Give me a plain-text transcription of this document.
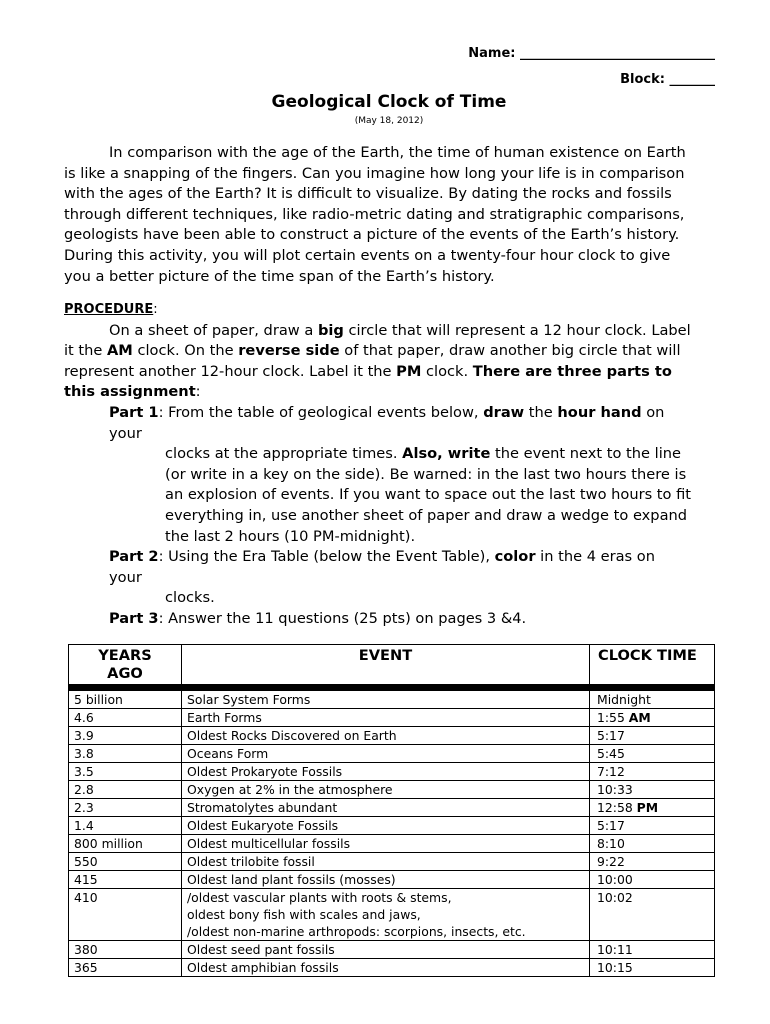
Name: ______________________________
Block: _______
Geological Clock of Time
(May 18, 2012)
In comparison with the age of the Earth, the time of human existence on Earth
is like a snapping of the fingers. Can you imagine how long your life is in comparison
with the ages of the Earth? It is difficult to visualize. By dating the rocks and fossils
through different techniques, like radio-metric dating and stratigraphic comparisons,
geologists have been able to construct a picture of the events of the Earth’s history.
During this activity, you will plot certain events on a twenty-four hour clock to give
you a better picture of the time span of the Earth’s history.
PROCEDURE:
On a sheet of paper, draw a big circle that will represent a 12 hour clock. Label
it the AM clock. On the reverse side of that paper, draw another big circle that will
represent another 12-hour clock. Label it the PM clock. There are three parts to
this assignment:
Part 1: From the table of geological events below, draw the hour hand on
your
clocks at the appropriate times. Also, write the event next to the line
(or write in a key on the side). Be warned: in the last two hours there is
an explosion of events. If you want to space out the last two hours to fit
everything in, use another sheet of paper and draw a wedge to expand
the last 2 hours (10 PM-midnight).
Part 2: Using the Era Table (below the Event Table), color in the 4 eras on
your
clocks.
Part 3: Answer the 11 questions (25 pts) on pages 3 &4.
YEARS
AGO	EVENT	CLOCK TIME

5 billion	Solar System Forms	Midnight
4.6	Earth Forms	1:55 AM
3.9	Oldest Rocks Discovered on Earth	5:17
3.8	Oceans Form	5:45
3.5	Oldest Prokaryote Fossils	7:12
2.8	Oxygen at 2% in the atmosphere	10:33
2.3	Stromatolytes abundant	12:58 PM
1.4	Oldest Eukaryote Fossils	5:17
800 million	Oldest multicellular fossils	8:10
550	Oldest trilobite fossil	9:22
415	Oldest land plant fossils (mosses)	10:00
410	/oldest vascular plants with roots & stems,
oldest bony fish with scales and jaws,
/oldest non-marine arthropods: scorpions, insects, etc.	10:02
380	Oldest seed pant fossils	10:11
365	Oldest amphibian fossils	10:15
